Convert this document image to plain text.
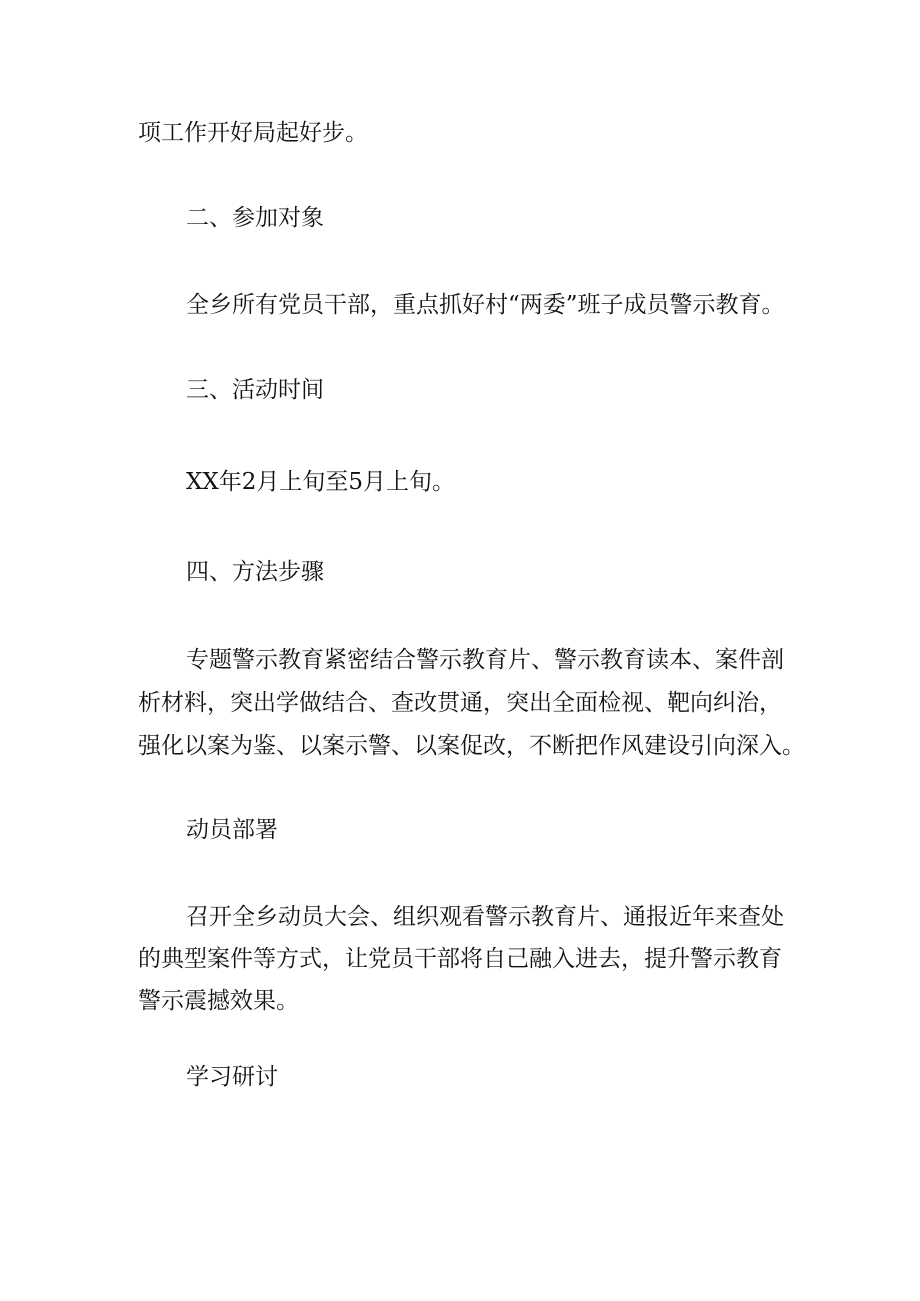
项工作开好局起好步。
二、参加对象
全乡所有党员干部，重点抓好村“两委”班子成员警示教育。
三、活动时间
XX年2月上旬至5月上旬。
四、方法步骤
专题警示教育紧密结合警示教育片、警示教育读本、案件剖
析材料，突出学做结合、查改贯通，突出全面检视、靶向纠治，
强化以案为鉴、以案示警、以案促改，不断把作风建设引向深入。
动员部署
召开全乡动员大会、组织观看警示教育片、通报近年来查处
的典型案件等方式，让党员干部将自己融入进去，提升警示教育
警示震撼效果。
学习研讨
